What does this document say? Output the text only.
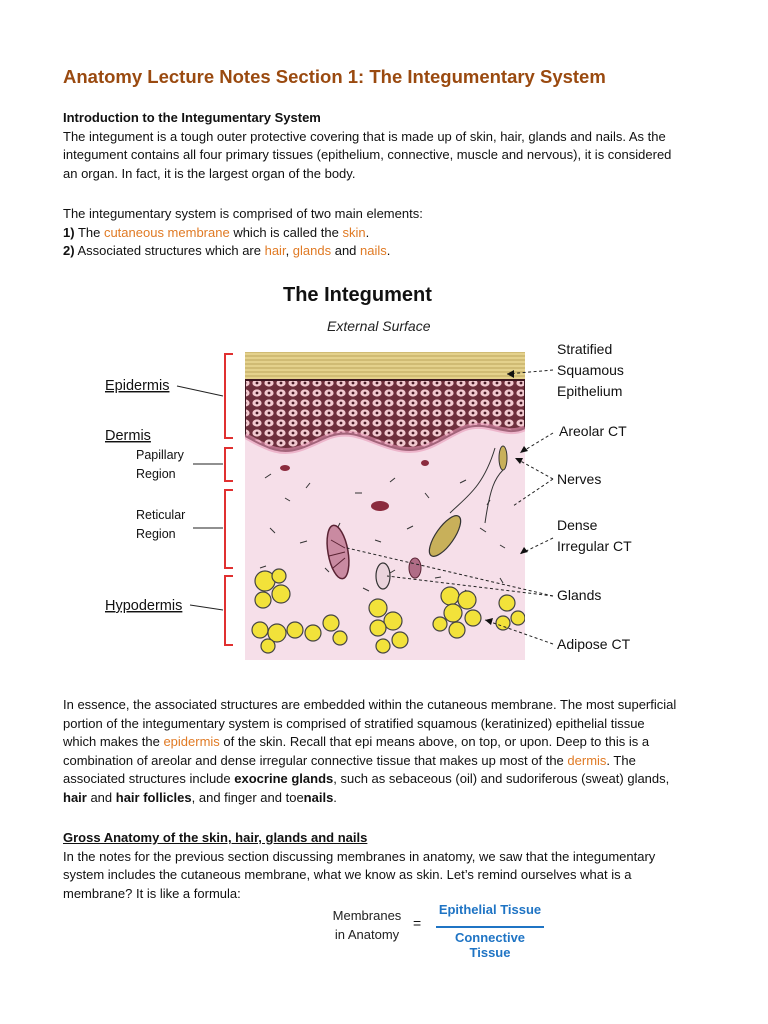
Anatomy Lecture Notes Section 1: The Integumentary System

Introduction to the Integumentary System
The integument is a tough outer protective covering that is made up of skin, hair, glands and nails. As the
integument contains all four primary tissues (epithelium, connective, muscle and nervous), it is considered
an organ. In fact, it is the largest organ of the body.

The integumentary system is comprised of two main elements:
1) The cutaneous membrane which is called the skin.
2) Associated structures which are hair, glands and nails.

The Integument
External Surface
Epidermis
Dermis
Papillary
Region
Reticular
Region
Hypodermis
Stratified
Squamous
Epithelium
Areolar CT
Nerves
Dense
Irregular CT
Glands
Adipose CT

In essence, the associated structures are embedded within the cutaneous membrane. The most superficial
portion of the integumentary system is comprised of stratified squamous (keratinized) epithelial tissue
which makes the epidermis of the skin. Recall that epi means above, on top, or upon. Deep to this is a
combination of areolar and dense irregular connective tissue that makes up most of the dermis. The
associated structures include exocrine glands, such as sebaceous (oil) and sudoriferous (sweat) glands,
hair and hair follicles, and finger and toenails.

Gross Anatomy of the skin, hair, glands and nails
In the notes for the previous section discussing membranes in anatomy, we saw that the integumentary
system includes the cutaneous membrane, what we know as skin. Let’s remind ourselves what is a
membrane? It is like a formula:

Membranes
in Anatomy
=
Epithelial Tissue
Connective Tissue
